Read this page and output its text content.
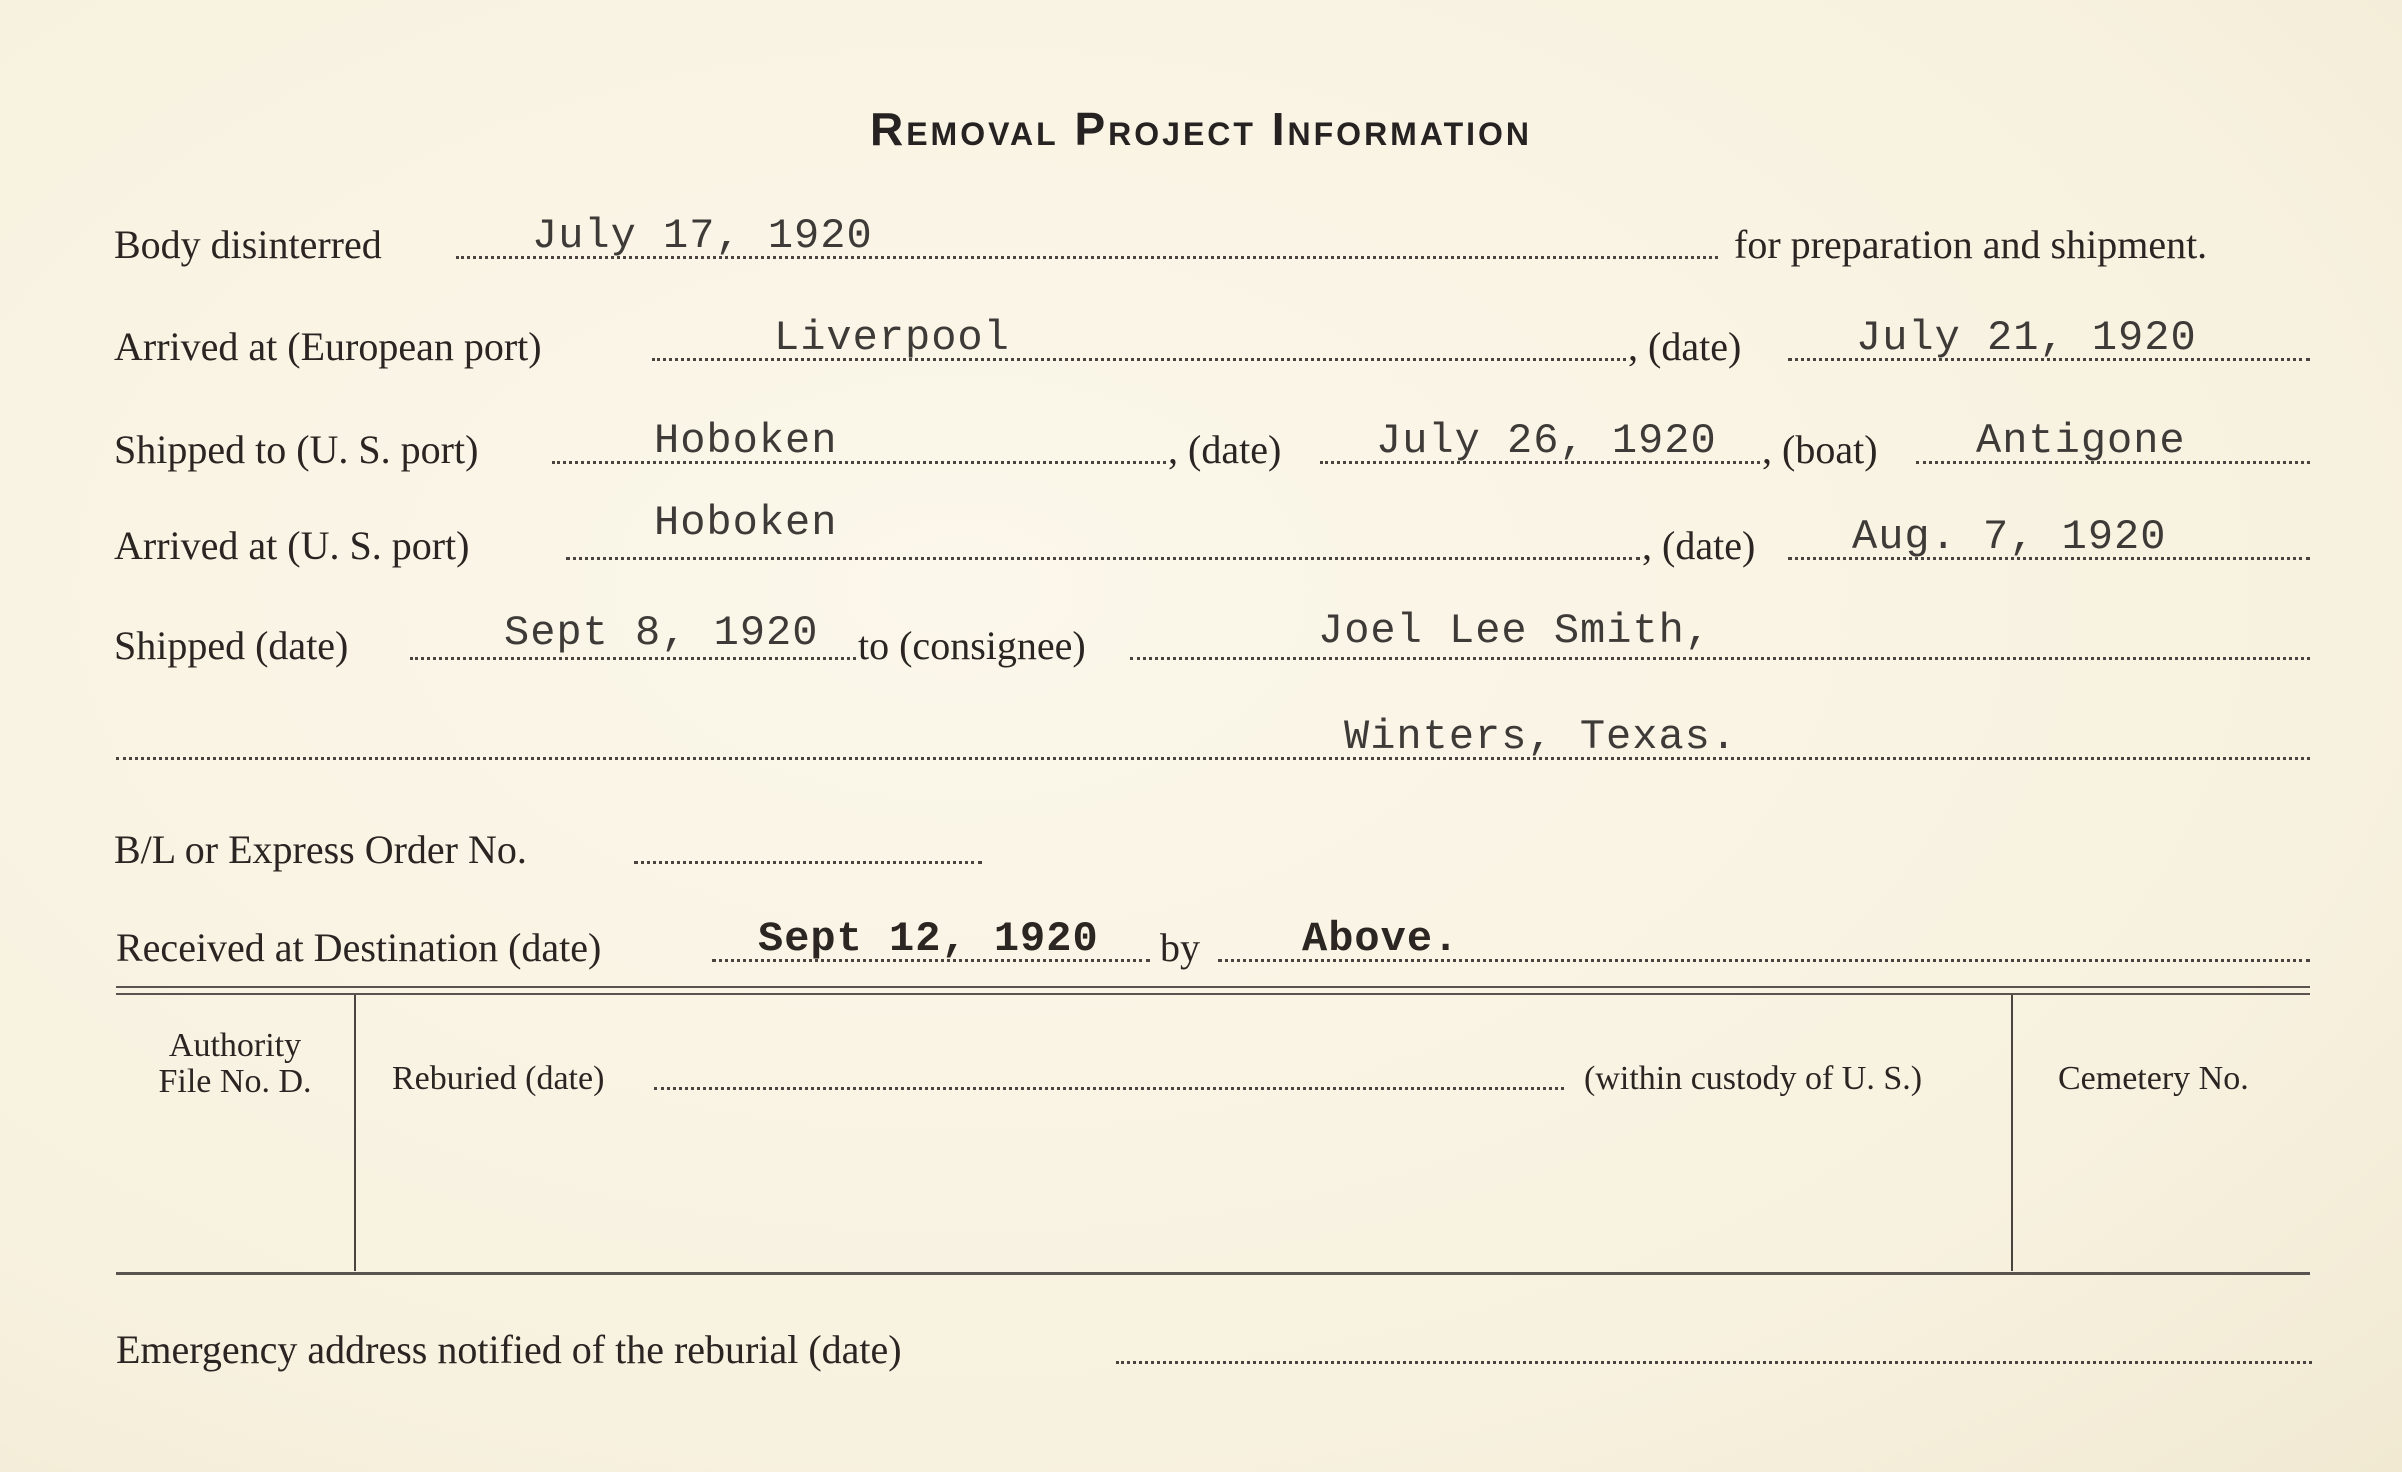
Removal Project Information
Body disinterred	July 17, 1920	for preparation and shipment.
Arrived at (European port)	Liverpool	, (date)	July 21, 1920
Shipped to (U. S. port)	Hoboken	, (date) July 26, 1920 , (boat) Antigone
Arrived at (U. S. port)	Hoboken	, (date) Aug. 7, 1920
Shipped (date)	Sept 8, 1920 to (consignee)	Joel Lee Smith,
Winters, Texas.
B/L or Express Order No.
Received at Destination (date)	Sept 12, 1920 by Above.
Authority
File No. D.	Reburied (date)	(within custody of U. S.)	Cemetery No.
Emergency address notified of the reburial (date)
